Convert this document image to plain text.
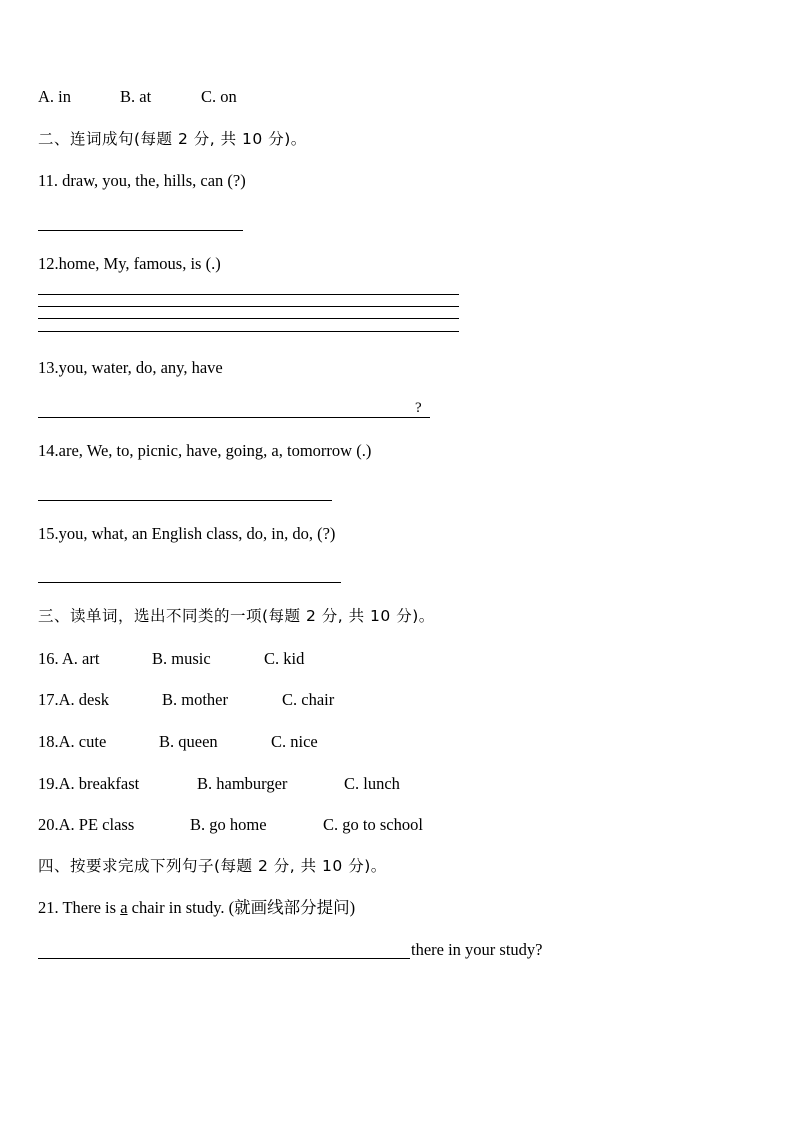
A. in	B. at	C. on
二、连词成句(每题 2 分, 共 10 分)。
11. draw, you, the, hills, can (?)
12.home, My, famous, is (.)
13.you, water, do, any, have
?
14.are, We, to, picnic, have, going, a, tomorrow (.)
15.you, what, an English class, do, in, do, (?)
三、读单词，选出不同类的一项(每题 2 分, 共 10 分)。
16. A. art	B. music	C. kid
17.A. desk	B. mother	C. chair
18.A. cute	B. queen	C. nice
19.A. breakfast	B. hamburger	C. lunch
20.A. PE class	B. go home	C. go to school
四、按要求完成下列句子(每题 2 分, 共 10 分)。
21. There is a chair in study. (就画线部分提问)
there in your study?
